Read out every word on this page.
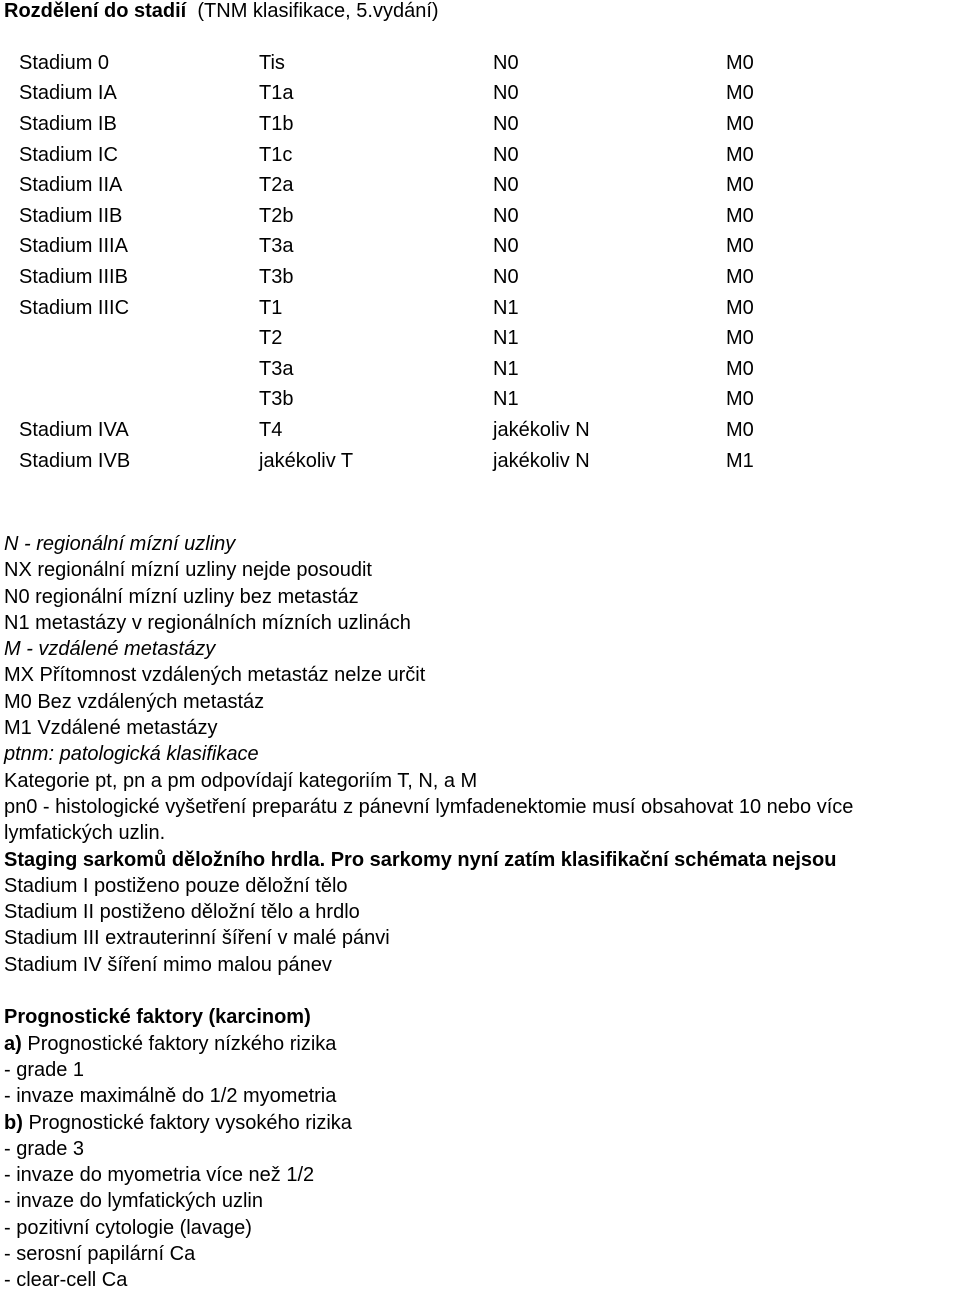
Rozdělení do stadií (TNM klasifikace, 5.vydání)
Stadium 0	Tis	N0	M0
Stadium IA	T1a	N0	M0
Stadium IB	T1b	N0	M0
Stadium IC	T1c	N0	M0
Stadium IIA	T2a	N0	M0
Stadium IIB	T2b	N0	M0
Stadium IIIA	T3a	N0	M0
Stadium IIIB	T3b	N0	M0
Stadium IIIC	T1	N1	M0
	T2	N1	M0
	T3a	N1	M0
	T3b	N1	M0
Stadium IVA	T4	jakékoliv N	M0
Stadium IVB	jakékoliv T	jakékoliv N	M1
N - regionální mízní uzliny
NX regionální mízní uzliny nejde posoudit
N0 regionální mízní uzliny bez metastáz
N1 metastázy v regionálních mízních uzlinách
M - vzdálené metastázy
MX Přítomnost vzdálených metastáz nelze určit
M0 Bez vzdálených metastáz
M1 Vzdálené metastázy
ptnm: patologická klasifikace
Kategorie pt, pn a pm odpovídají kategoriím T, N, a M
pn0 - histologické vyšetření preparátu z pánevní lymfadenektomie musí obsahovat 10 nebo více lymfatických uzlin.
Staging sarkomů děložního hrdla. Pro sarkomy nyní zatím klasifikační schémata nejsou
Stadium I postiženo pouze děložní tělo
Stadium II postiženo děložní tělo a hrdlo
Stadium III extrauterinní šíření v malé pánvi
Stadium IV šíření mimo malou pánev
Prognostické faktory (karcinom)
a) Prognostické faktory nízkého rizika
- grade 1
- invaze maximálně do 1/2 myometria
b) Prognostické faktory vysokého rizika
- grade 3
- invaze do myometria více než 1/2
- invaze do lymfatických uzlin
- pozitivní cytologie (lavage)
- serosní papilární Ca
- clear-cell Ca
